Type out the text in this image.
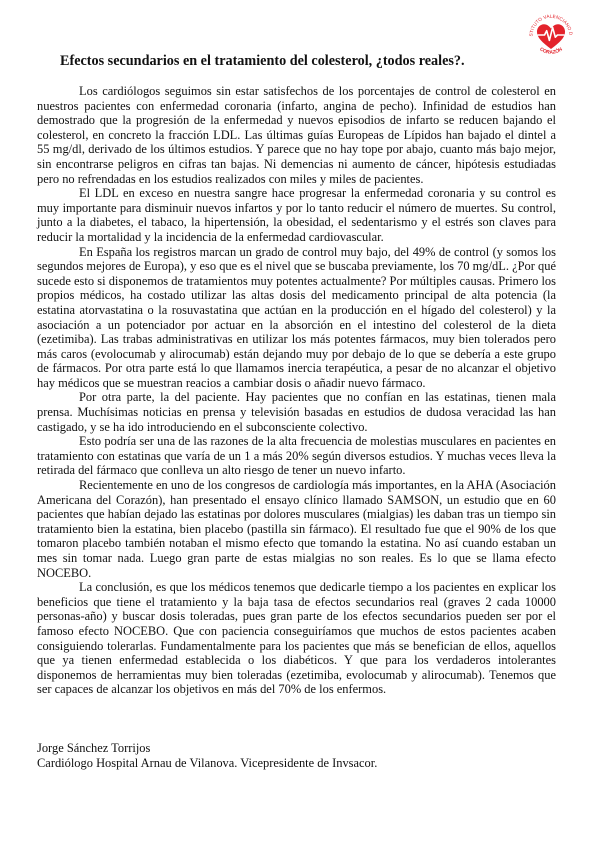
STITUTO VALENCIANO D
CORAZÓN
Efectos secundarios en el tratamiento del colesterol, ¿todos reales?.

Los cardiólogos seguimos sin estar satisfechos de los porcentajes de control de colesterol en nuestros pacientes con enfermedad coronaria (infarto, angina de pecho). Infinidad de estudios han demostrado que la progresión de la enfermedad y nuevos episodios de infarto se reducen bajando el colesterol, en concreto la fracción LDL. Las últimas guías Europeas de Lípidos han bajado el dintel a 55 mg/dl, derivado de los últimos estudios. Y parece que no hay tope por abajo, cuanto más bajo mejor, sin encontrarse peligros en cifras tan bajas. Ni demencias ni aumento de cáncer, hipótesis estudiadas pero no refrendadas en los estudios realizados con miles y miles de pacientes.

El LDL en exceso en nuestra sangre hace progresar la enfermedad coronaria y su control es muy importante para disminuir nuevos infartos y por lo tanto reducir el número de muertes. Su control, junto a la diabetes, el tabaco, la hipertensión, la obesidad, el sedentarismo y el estrés son claves para reducir la mortalidad y la incidencia de la enfermedad cardiovascular.

En España los registros marcan un grado de control muy bajo, del 49% de control (y somos los segundos mejores de Europa), y eso que es el nivel que se buscaba previamente, los 70 mg/dL. ¿Por qué sucede esto si disponemos de tratamientos muy potentes actualmente? Por múltiples causas. Primero los propios médicos, ha costado utilizar las altas dosis del medicamento principal de alta potencia (la estatina atorvastatina o la rosuvastatina que actúan en la producción en el hígado del colesterol) y la asociación a un potenciador por actuar en la absorción en el intestino del colesterol de la dieta (ezetimiba). Las trabas administrativas en utilizar los más potentes fármacos, muy bien tolerados pero más caros (evolocumab y alirocumab) están dejando muy por debajo de lo que se debería a este grupo de fármacos. Por otra parte está lo que llamamos inercia terapéutica, a pesar de no alcanzar el objetivo hay médicos que se muestran reacios a cambiar dosis o añadir nuevo fármaco.

Por otra parte, la del paciente. Hay pacientes que no confían en las estatinas, tienen mala prensa. Muchísimas noticias en prensa y televisión basadas en estudios de dudosa veracidad las han castigado, y se ha ido introduciendo en el subconsciente colectivo.

Esto podría ser una de las razones de la alta frecuencia de molestias musculares en pacientes en tratamiento con estatinas que varía de un 1 a más 20% según diversos estudios. Y muchas veces lleva la retirada del fármaco que conlleva un alto riesgo de tener un nuevo infarto.

Recientemente en uno de los congresos de cardiología más importantes, en la AHA (Asociación Americana del Corazón), han presentado el ensayo clínico llamado SAMSON, un estudio que en 60 pacientes que habían dejado las estatinas por dolores musculares (mialgias) les daban tras un tiempo sin tratamiento bien la estatina, bien placebo (pastilla sin fármaco). El resultado fue que el 90% de los que tomaron placebo también notaban el mismo efecto que tomando la estatina. No así cuando estaban un mes sin tomar nada. Luego gran parte de estas mialgias no son reales. Es lo que se llama efecto NOCEBO.

La conclusión, es que los médicos tenemos que dedicarle tiempo a los pacientes en explicar los beneficios que tiene el tratamiento y la baja tasa de efectos secundarios real (graves 2 cada 10000 personas-año) y buscar dosis toleradas, pues gran parte de los efectos secundarios pueden ser por el famoso efecto NOCEBO. Que con paciencia conseguiríamos que muchos de estos pacientes acaben consiguiendo tolerarlas. Fundamentalmente para los pacientes que más se benefician de ellos, aquellos que ya tienen enfermedad establecida o los diabéticos. Y que para los verdaderos intolerantes disponemos de herramientas muy bien toleradas (ezetimiba, evolocumab y alirocumab). Tenemos que ser capaces de alcanzar los objetivos en más del 70% de los enfermos.

Jorge Sánchez Torrijos
Cardiólogo Hospital Arnau de Vilanova. Vicepresidente de Invsacor.
